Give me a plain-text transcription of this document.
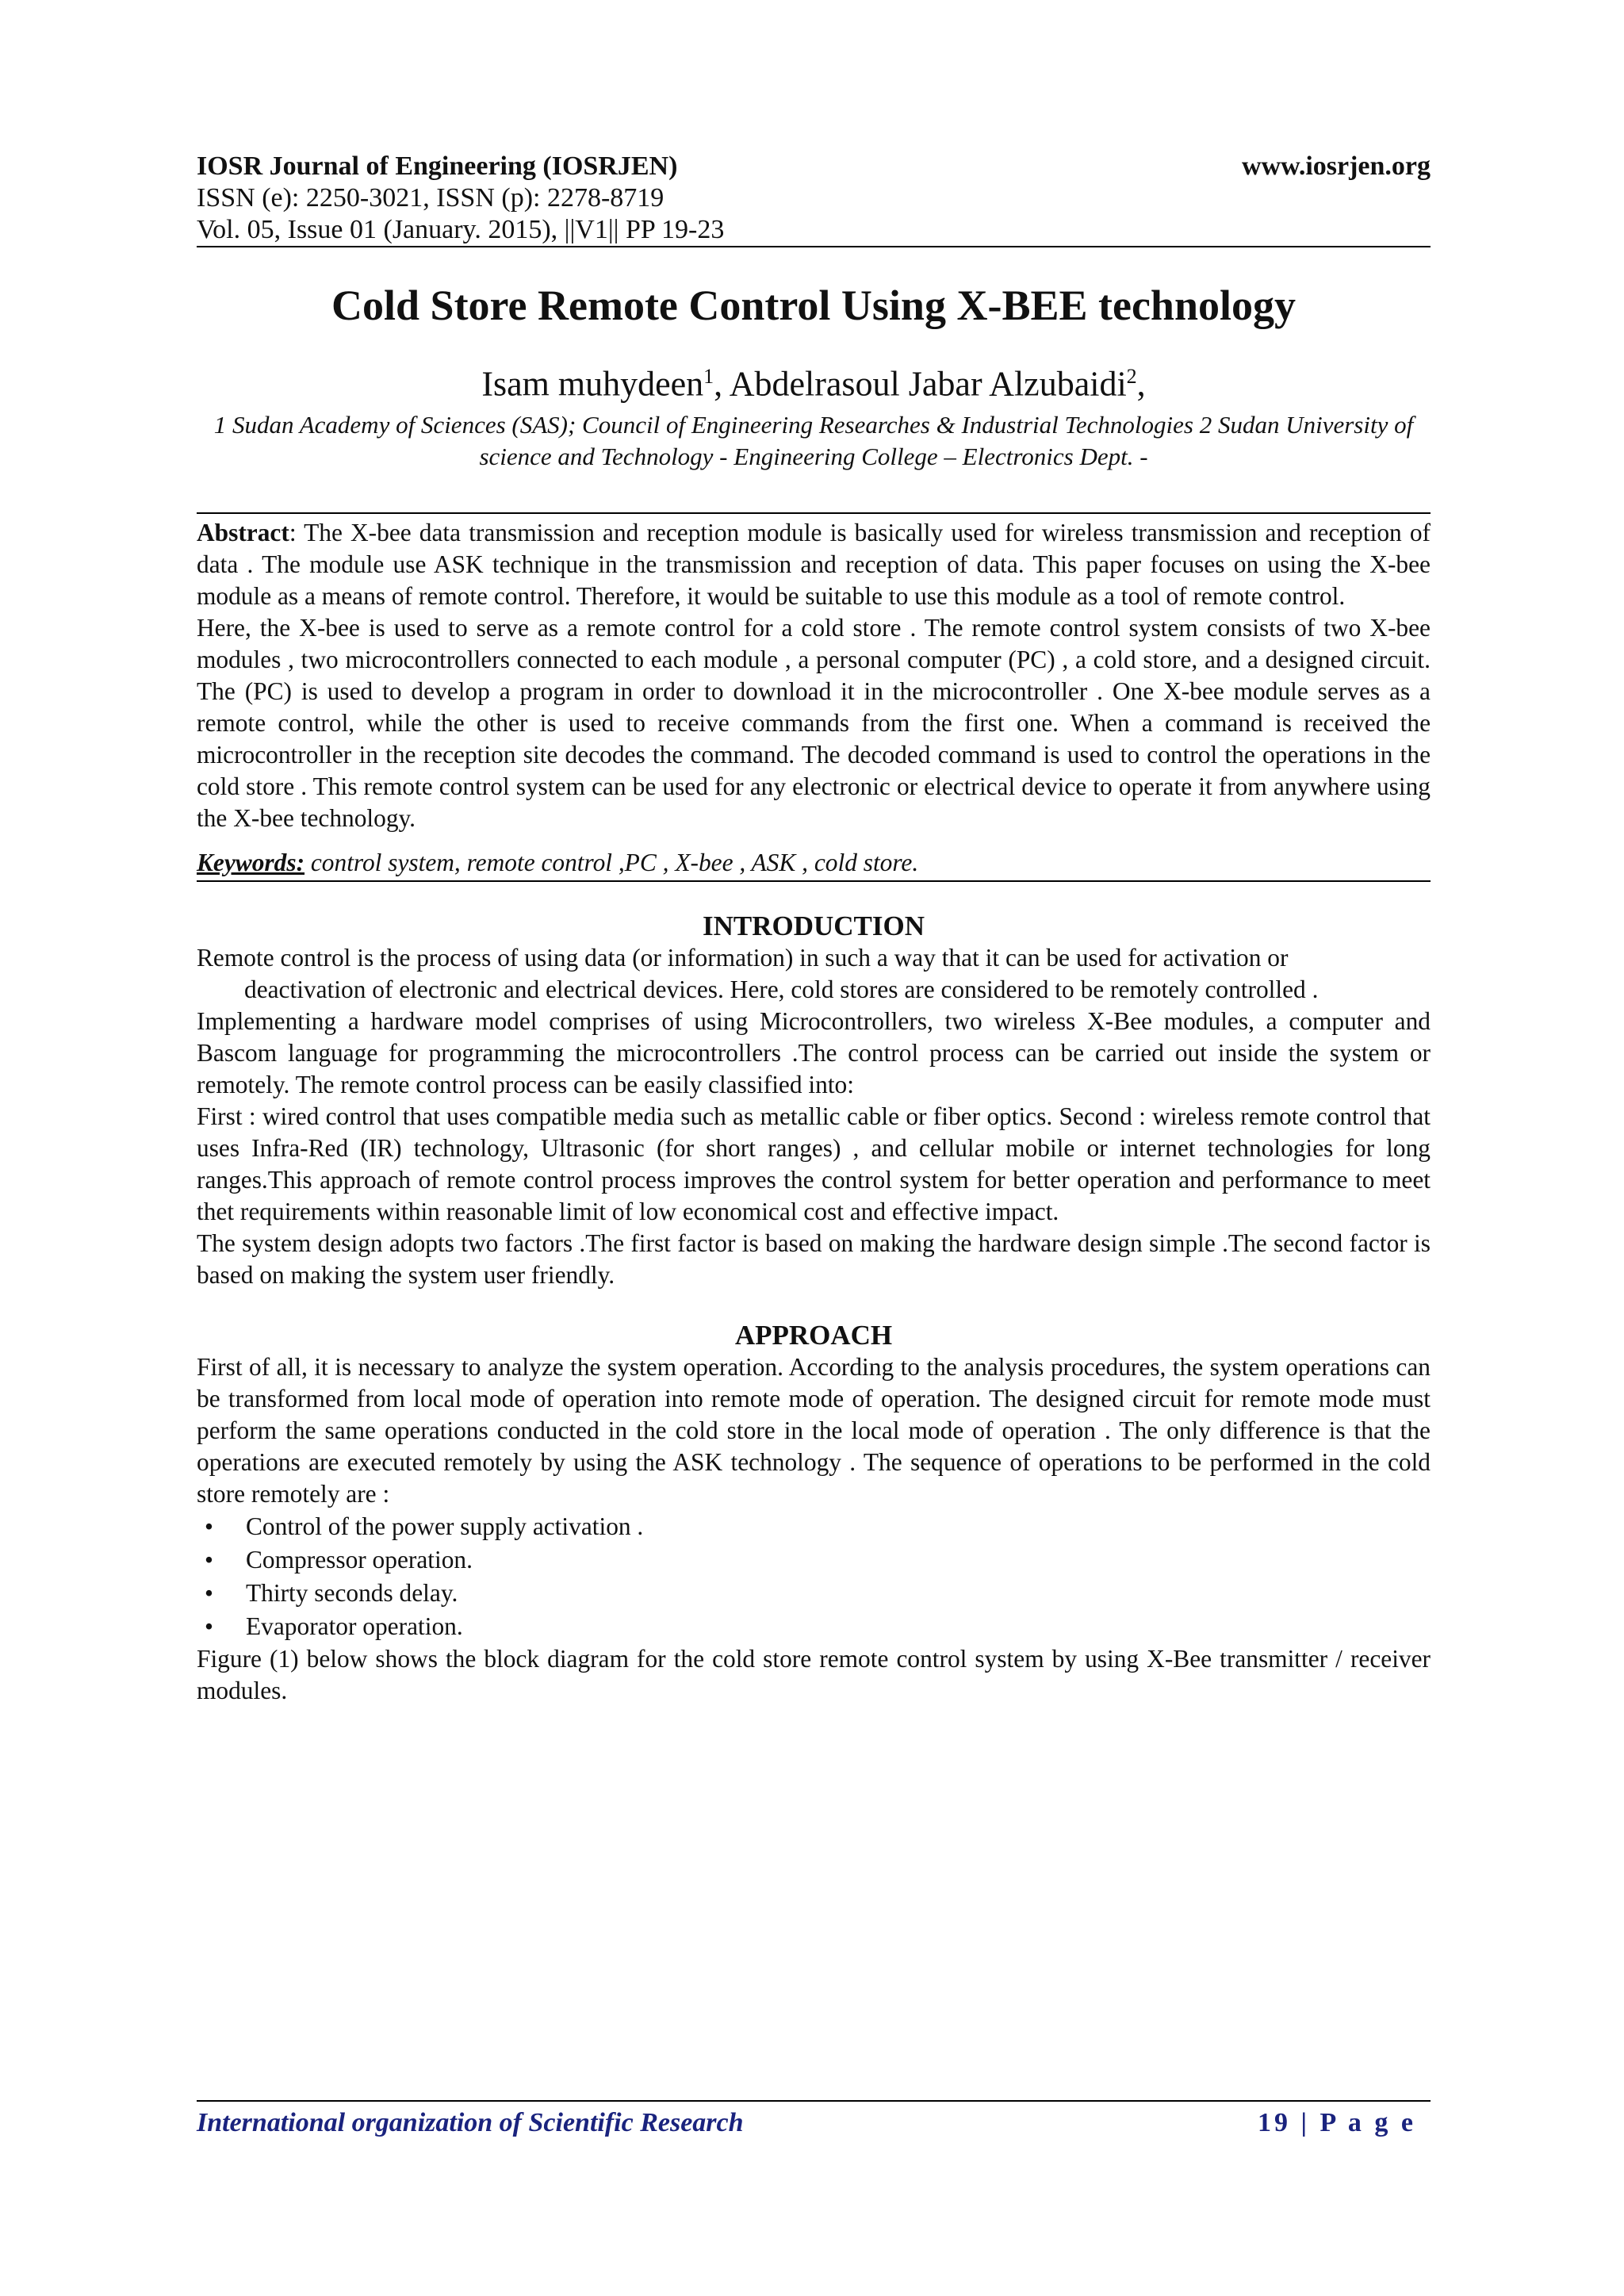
IOSR Journal of Engineering (IOSRJEN)	www.iosrjen.org
ISSN (e): 2250-3021, ISSN (p): 2278-8719
Vol. 05, Issue 01 (January. 2015), ||V1|| PP 19-23
Cold Store Remote Control Using X-BEE technology
Isam muhydeen$^1$, Abdelrasoul Jabar Alzubaidi$^2$,
1 Sudan Academy of Sciences (SAS); Council of Engineering Researches & Industrial Technologies 2 Sudan University of science and Technology - Engineering College – Electronics Dept. -

Abstract: The X-bee data transmission and reception module is basically used for wireless transmission and reception of data . The module use ASK technique in the transmission and reception of data. This paper focuses on using the X-bee module as a means of remote control. Therefore, it would be suitable to use this module as a tool of remote control.

Here, the X-bee is used to serve as a remote control for a cold store . The remote control system consists of two X-bee modules , two microcontrollers connected to each module , a personal computer (PC) , a cold store, and a designed circuit. The (PC) is used to develop a program in order to download it in the microcontroller . One X-bee module serves as a remote control, while the other is used to receive commands from the first one. When a command is received the microcontroller in the reception site decodes the command. The decoded command is used to control the operations in the cold store . This remote control system can be used for any electronic or electrical device to operate it from anywhere using the X-bee technology.

Keywords: control system, remote control ,PC , X-bee , ASK , cold store.

INTRODUCTION

Remote control is the process of using data (or information) in such a way that it can be used for activation or

deactivation of electronic and electrical devices. Here, cold stores are considered to be remotely controlled .

Implementing a hardware model comprises of using Microcontrollers, two wireless X-Bee modules, a computer and Bascom language for programming the microcontrollers .The control process can be carried out inside the system or remotely. The remote control process can be easily classified into:

First : wired control that uses compatible media such as metallic cable or fiber optics. Second : wireless remote control that uses Infra-Red (IR) technology, Ultrasonic (for short ranges) , and cellular mobile or internet technologies for long ranges.This approach of remote control process improves the control system for better operation and performance to meet thet requirements within reasonable limit of low economical cost and effective impact.

The system design adopts two factors .The first factor is based on making the hardware design simple .The second factor is based on making the system user friendly.

APPROACH

First of all, it is necessary to analyze the system operation. According to the analysis procedures, the system operations can be transformed from local mode of operation into remote mode of operation. The designed circuit for remote mode must perform the same operations conducted in the cold store in the local mode of operation . The only difference is that the operations are executed remotely by using the ASK technology . The sequence of operations to be performed in the cold store remotely are :

• Control of the power supply activation .
• Compressor operation.
• Thirty seconds delay.
• Evaporator operation.

Figure (1) below shows the block diagram for the cold store remote control system by using X-Bee transmitter / receiver modules.

International organization of Scientific Research	19 | P a g e
